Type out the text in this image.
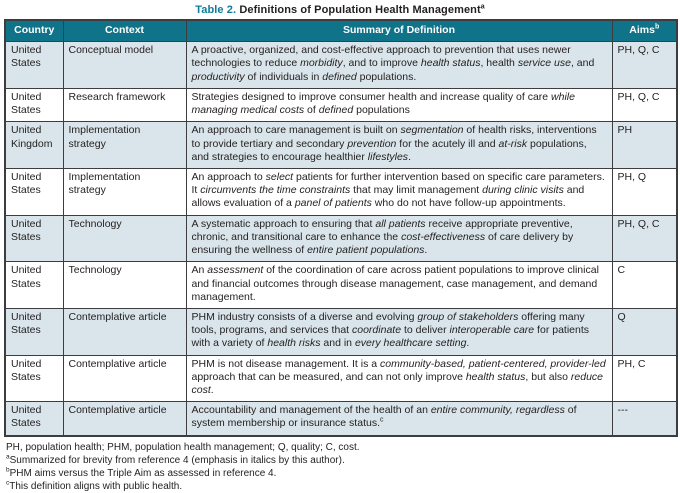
Table 2. Definitions of Population Health Management$^a$
Country	Context	Summary of Definition	Aims$^b$
United States	Conceptual model	A proactive, organized, and cost-effective approach to prevention that uses newer technologies to reduce morbidity, and to improve health status, health service use, and productivity of individuals in defined populations.	PH, Q, C
United States	Research framework	Strategies designed to improve consumer health and increase quality of care while managing medical costs of defined populations	PH, Q, C
United Kingdom	Implementation strategy	An approach to care management is built on segmentation of health risks, interventions to provide tertiary and secondary prevention for the acutely ill and at-risk populations, and strategies to encourage healthier lifestyles.	PH
United States	Implementation strategy	An approach to select patients for further intervention based on specific care parameters. It circumvents the time constraints that may limit management during clinic visits and allows evaluation of a panel of patients who do not have follow-up appointments.	PH, Q
United States	Technology	A systematic approach to ensuring that all patients receive appropriate preventive, chronic, and transitional care to enhance the cost-effectiveness of care delivery by ensuring the wellness of entire patient populations.	PH, Q, C
United States	Technology	An assessment of the coordination of care across patient populations to improve clinical and financial outcomes through disease management, case management, and demand management.	C
United States	Contemplative article	PHM industry consists of a diverse and evolving group of stakeholders offering many tools, programs, and services that coordinate to deliver interoperable care for patients with a variety of health risks and in every healthcare setting.	Q
United States	Contemplative article	PHM is not disease management. It is a community-based, patient-centered, provider-led approach that can be measured, and can not only improve health status, but also reduce cost.	PH, C
United States	Contemplative article	Accountability and management of the health of an entire community, regardless of system membership or insurance status.$^c$	---
PH, population health; PHM, population health management; Q, quality; C, cost.
$^a$Summarized for brevity from reference 4 (emphasis in italics by this author).
$^b$PHM aims versus the Triple Aim as assessed in reference 4.
$^c$This definition aligns with public health.
